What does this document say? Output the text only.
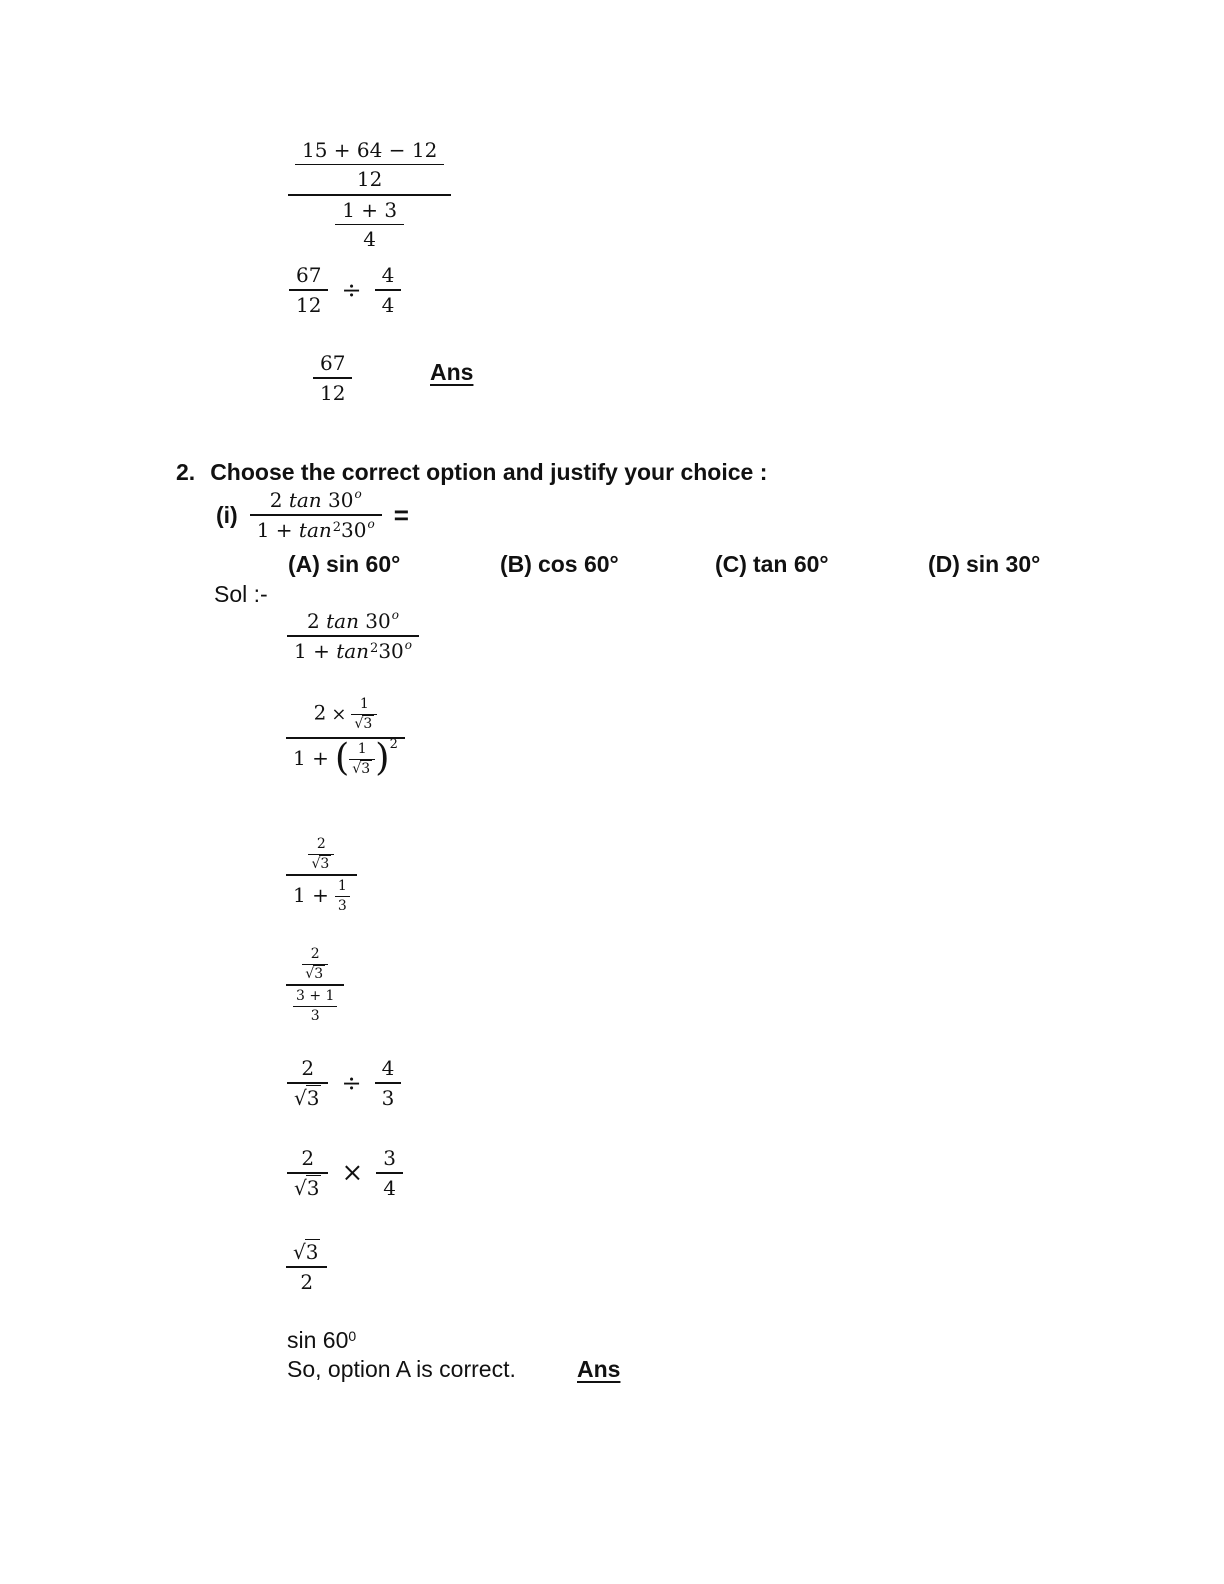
$\frac{\frac{15 + 64 - 12}{12}}{\frac{1 + 3}{4}}$
$\frac{67}{12} \div \frac{4}{4}$
$\frac{67}{12}$	Ans
2. Choose the correct option and justify your choice :
$(i) \frac{2 \tan 30^o}{1 + \tan^230^o}$ =
(A) sin 60°	(B) cos 60°	(C) tan 60°	(D) sin 30°
Sol :-
$\frac{2 \tan 30^o}{1 + \tan^230^o}$
$\frac{2 \times \frac{1}{√3}}{1 + ( \frac{1}{√3} )^2}$
$\frac{\frac{2}{√3}}{1 + \frac{1}{3}}$
$\frac{\frac{2}{√3}}{\frac{3 + 1}{3}}$
$\frac{2}{√3} \div \frac{4}{3}$
$\frac{2}{√3} \times \frac{3}{4}$
$\frac{√3}{2}$
$\sin 60^0$
So, option A is correct.	Ans
